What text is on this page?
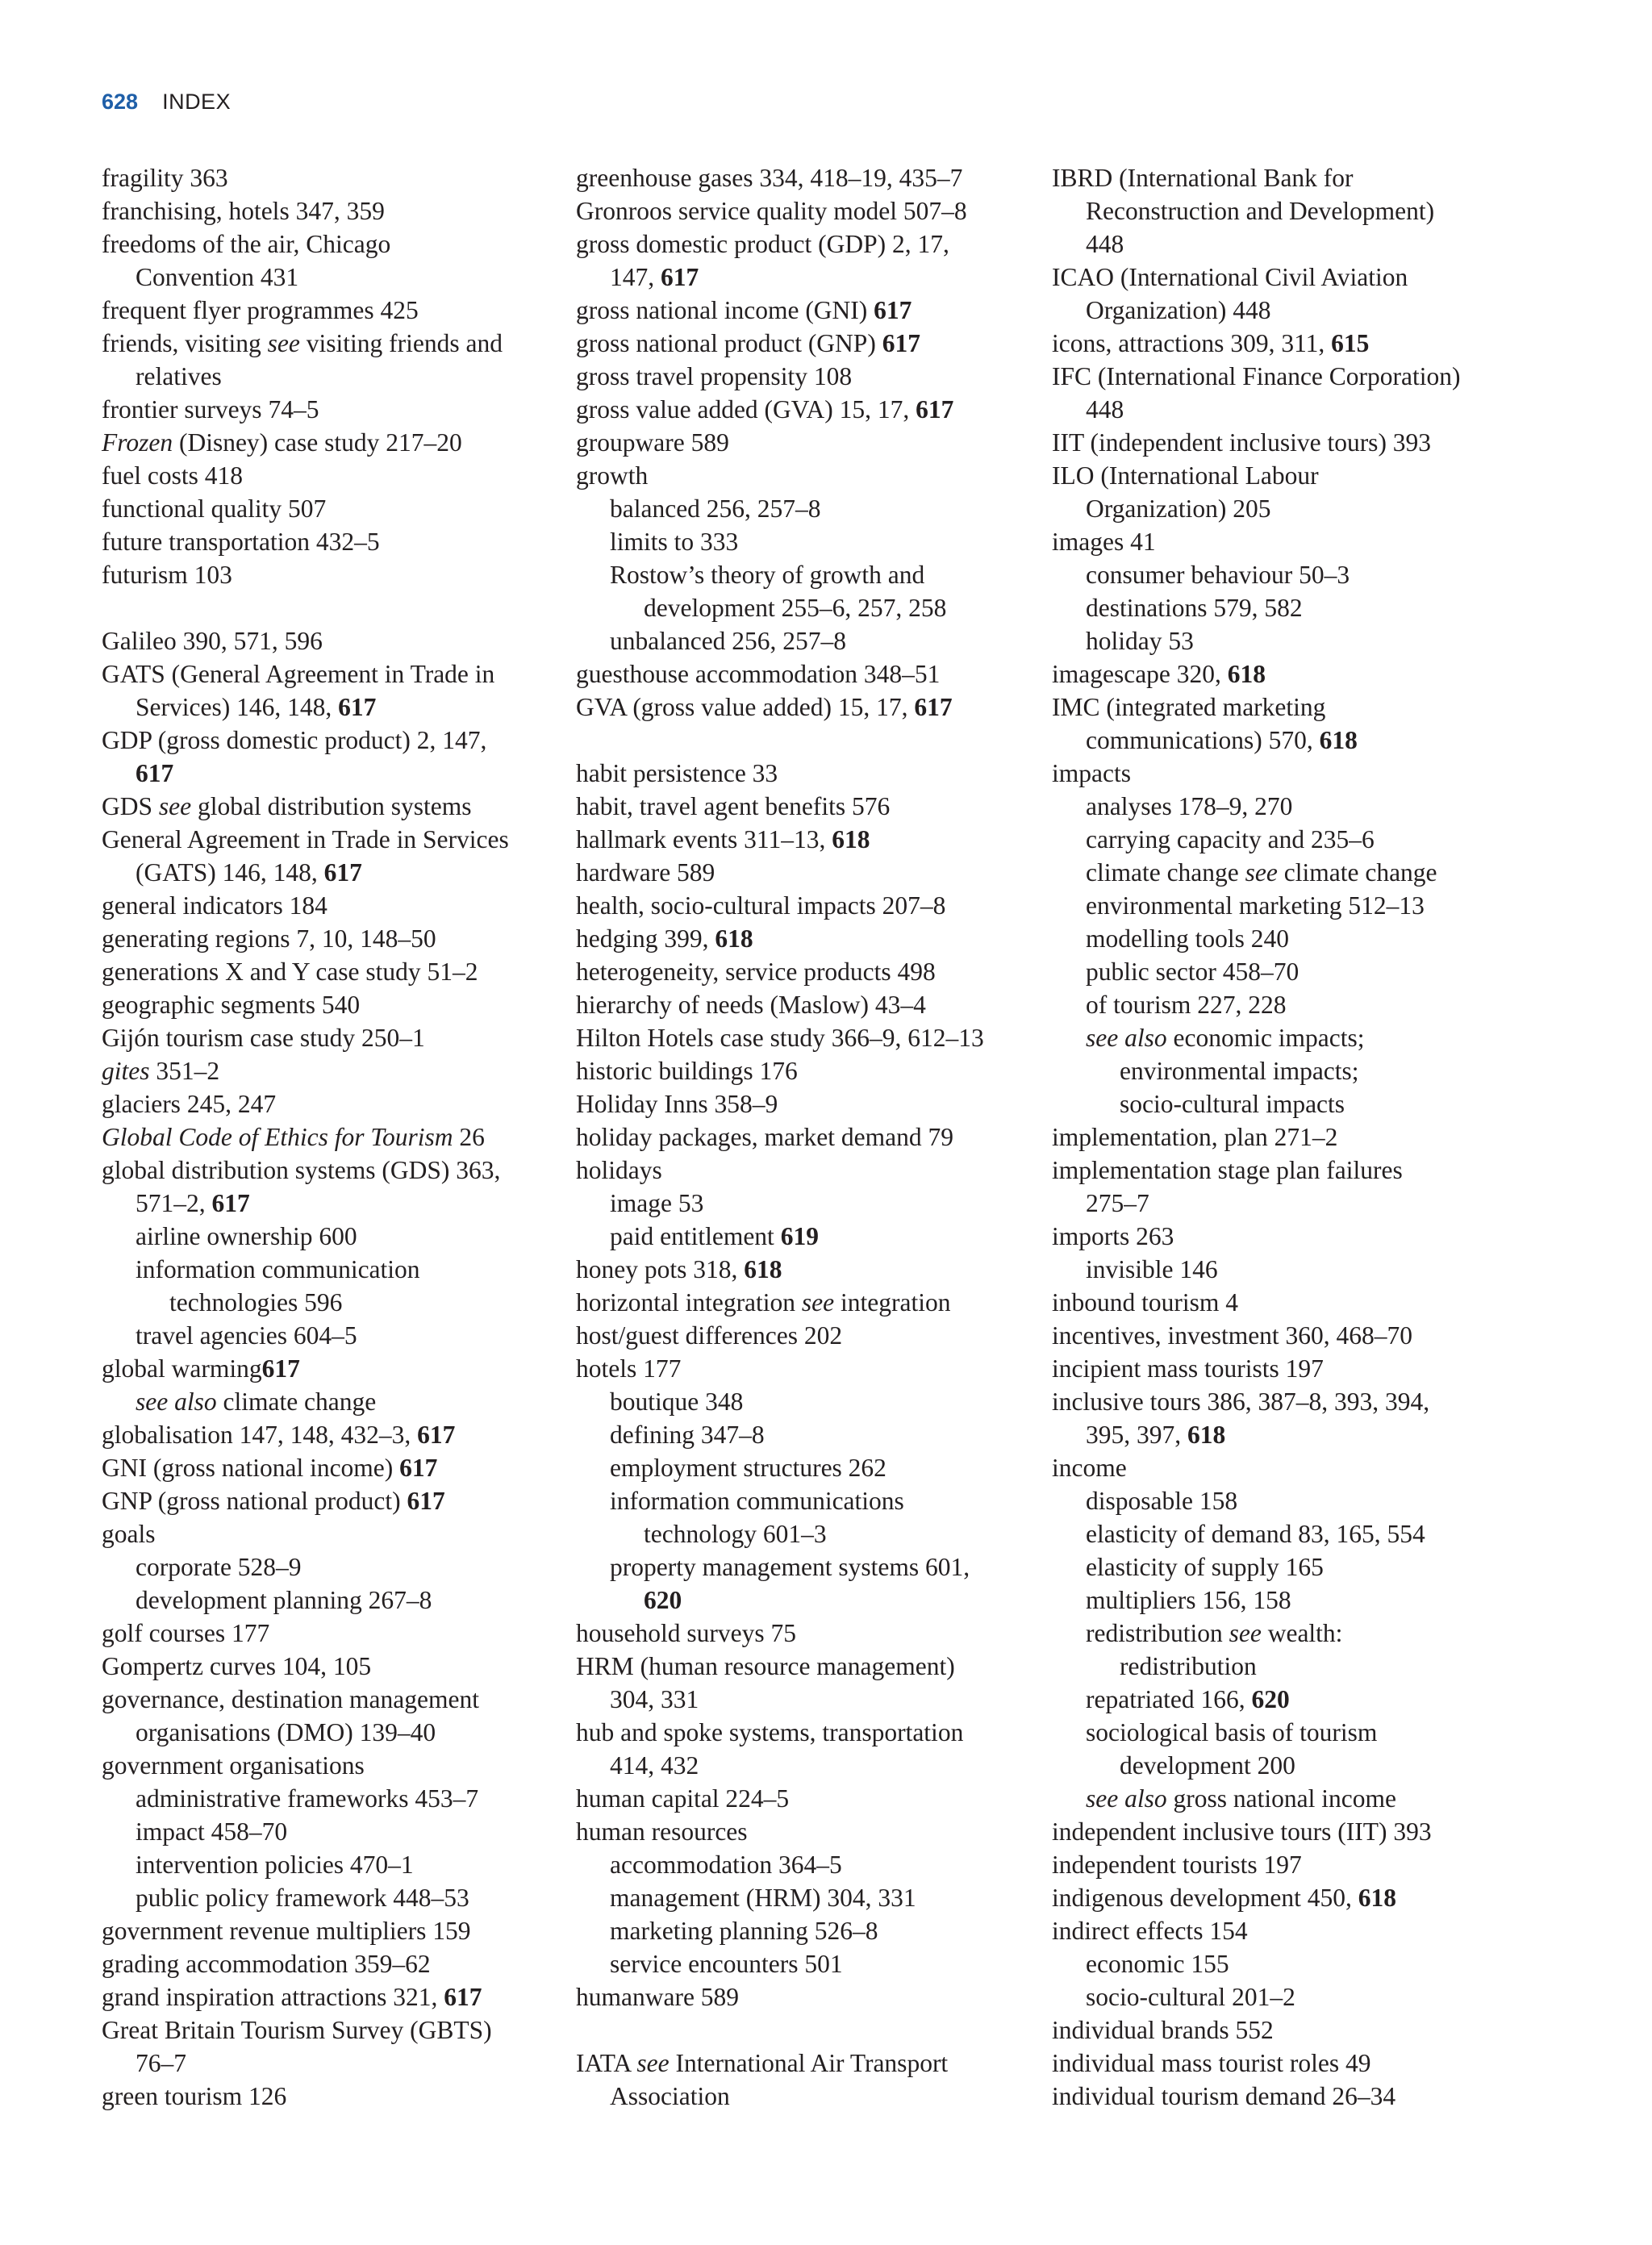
628 INDEX
fragility 363
franchising, hotels 347, 359
freedoms of the air, Chicago
Convention 431
frequent flyer programmes 425
friends, visiting see visiting friends and
relatives
frontier surveys 74–5
Frozen (Disney) case study 217–20
fuel costs 418
functional quality 507
future transportation 432–5
futurism 103
Galileo 390, 571, 596
GATS (General Agreement in Trade in
Services) 146, 148, 617
GDP (gross domestic product) 2, 147,
617
GDS see global distribution systems
General Agreement in Trade in Services
(GATS) 146, 148, 617
general indicators 184
generating regions 7, 10, 148–50
generations X and Y case study 51–2
geographic segments 540
Gijón tourism case study 250–1
gites 351–2
glaciers 245, 247
Global Code of Ethics for Tourism 26
global distribution systems (GDS) 363,
571–2, 617
airline ownership 600
information communication
technologies 596
travel agencies 604–5
global warming617
see also climate change
globalisation 147, 148, 432–3, 617
GNI (gross national income) 617
GNP (gross national product) 617
goals
corporate 528–9
development planning 267–8
golf courses 177
Gompertz curves 104, 105
governance, destination management
organisations (DMO) 139–40
government organisations
administrative frameworks 453–7
impact 458–70
intervention policies 470–1
public policy framework 448–53
government revenue multipliers 159
grading accommodation 359–62
grand inspiration attractions 321, 617
Great Britain Tourism Survey (GBTS)
76–7
green tourism 126
greenhouse gases 334, 418–19, 435–7
Gronroos service quality model 507–8
gross domestic product (GDP) 2, 17,
147, 617
gross national income (GNI) 617
gross national product (GNP) 617
gross travel propensity 108
gross value added (GVA) 15, 17, 617
groupware 589
growth
balanced 256, 257–8
limits to 333
Rostow’s theory of growth and
development 255–6, 257, 258
unbalanced 256, 257–8
guesthouse accommodation 348–51
GVA (gross value added) 15, 17, 617
habit persistence 33
habit, travel agent benefits 576
hallmark events 311–13, 618
hardware 589
health, socio-cultural impacts 207–8
hedging 399, 618
heterogeneity, service products 498
hierarchy of needs (Maslow) 43–4
Hilton Hotels case study 366–9, 612–13
historic buildings 176
Holiday Inns 358–9
holiday packages, market demand 79
holidays
image 53
paid entitlement 619
honey pots 318, 618
horizontal integration see integration
host/guest differences 202
hotels 177
boutique 348
defining 347–8
employment structures 262
information communications
technology 601–3
property management systems 601,
620
household surveys 75
HRM (human resource management)
304, 331
hub and spoke systems, transportation
414, 432
human capital 224–5
human resources
accommodation 364–5
management (HRM) 304, 331
marketing planning 526–8
service encounters 501
humanware 589
IATA see International Air Transport
Association
IBRD (International Bank for
Reconstruction and Development)
448
ICAO (International Civil Aviation
Organization) 448
icons, attractions 309, 311, 615
IFC (International Finance Corporation)
448
IIT (independent inclusive tours) 393
ILO (International Labour
Organization) 205
images 41
consumer behaviour 50–3
destinations 579, 582
holiday 53
imagescape 320, 618
IMC (integrated marketing
communications) 570, 618
impacts
analyses 178–9, 270
carrying capacity and 235–6
climate change see climate change
environmental marketing 512–13
modelling tools 240
public sector 458–70
of tourism 227, 228
see also economic impacts;
environmental impacts;
socio-cultural impacts
implementation, plan 271–2
implementation stage plan failures
275–7
imports 263
invisible 146
inbound tourism 4
incentives, investment 360, 468–70
incipient mass tourists 197
inclusive tours 386, 387–8, 393, 394,
395, 397, 618
income
disposable 158
elasticity of demand 83, 165, 554
elasticity of supply 165
multipliers 156, 158
redistribution see wealth:
redistribution
repatriated 166, 620
sociological basis of tourism
development 200
see also gross national income
independent inclusive tours (IIT) 393
independent tourists 197
indigenous development 450, 618
indirect effects 154
economic 155
socio-cultural 201–2
individual brands 552
individual mass tourist roles 49
individual tourism demand 26–34
